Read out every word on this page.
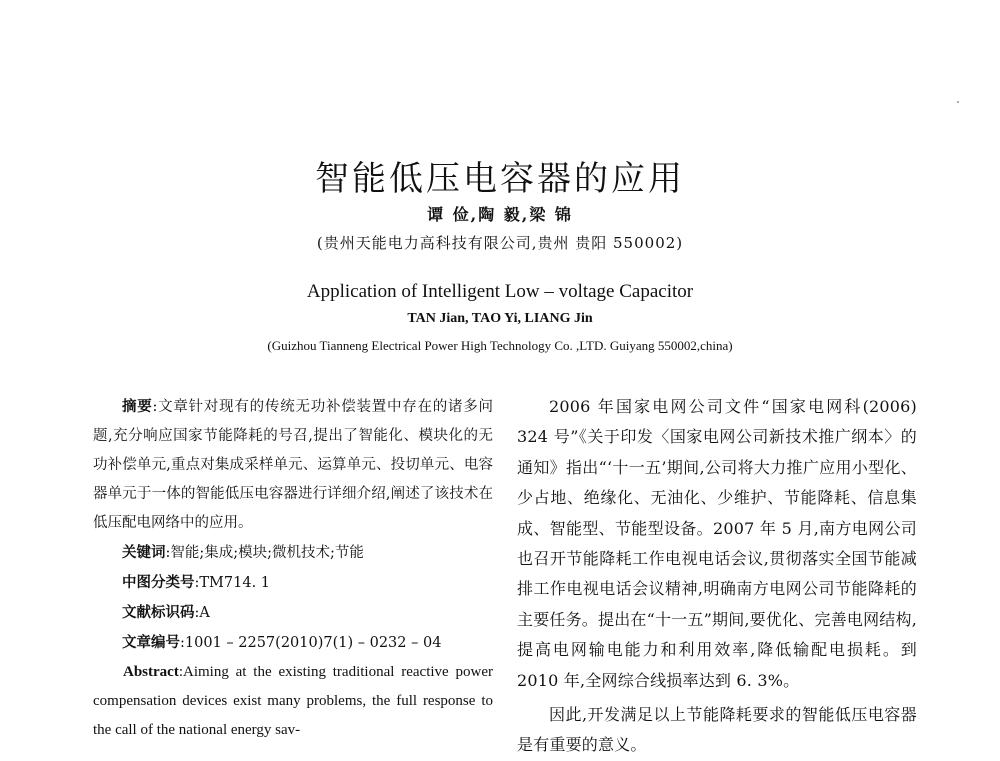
智能低压电容器的应用
谭 俭,陶 毅,梁 锦
(贵州天能电力高科技有限公司,贵州 贵阳 550002)
Application of Intelligent Low – voltage Capacitor
TAN Jian, TAO Yi, LIANG Jin
(Guizhou Tianneng Electrical Power High Technology Co. ,LTD. Guiyang 550002,china)

摘要:文章针对现有的传统无功补偿装置中存在的诸多问题,充分响应国家节能降耗的号召,提出了智能化、模块化的无功补偿单元,重点对集成采样单元、运算单元、投切单元、电容器单元于一体的智能低压电容器进行详细介绍,阐述了该技术在低压配电网络中的应用。

关键词:智能;集成;模块;微机技术;节能

中图分类号:TM714. 1

文献标识码:A

文章编号:1001 – 2257(2010)7(1) – 0232 – 04

Abstract:Aiming at the existing traditional reactive power compensation devices exist many problems, the full response to the call of the national energy sav-

2006 年国家电网公司文件“国家电网科(2006) 324 号”《关于印发〈国家电网公司新技术推广纲本〉的通知》指出“‘十一五’期间,公司将大力推广应用小型化、少占地、绝缘化、无油化、少维护、节能降耗、信息集成、智能型、节能型设备。2007 年 5 月,南方电网公司也召开节能降耗工作电视电话会议,贯彻落实全国节能减排工作电视电话会议精神,明确南方电网公司节能降耗的主要任务。提出在“十一五”期间,要优化、完善电网结构,提高电网输电能力和利用效率,降低输配电损耗。到 2010 年,全网综合线损率达到 6. 3%。

因此,开发满足以上节能降耗要求的智能低压电容器是有重要的意义。
